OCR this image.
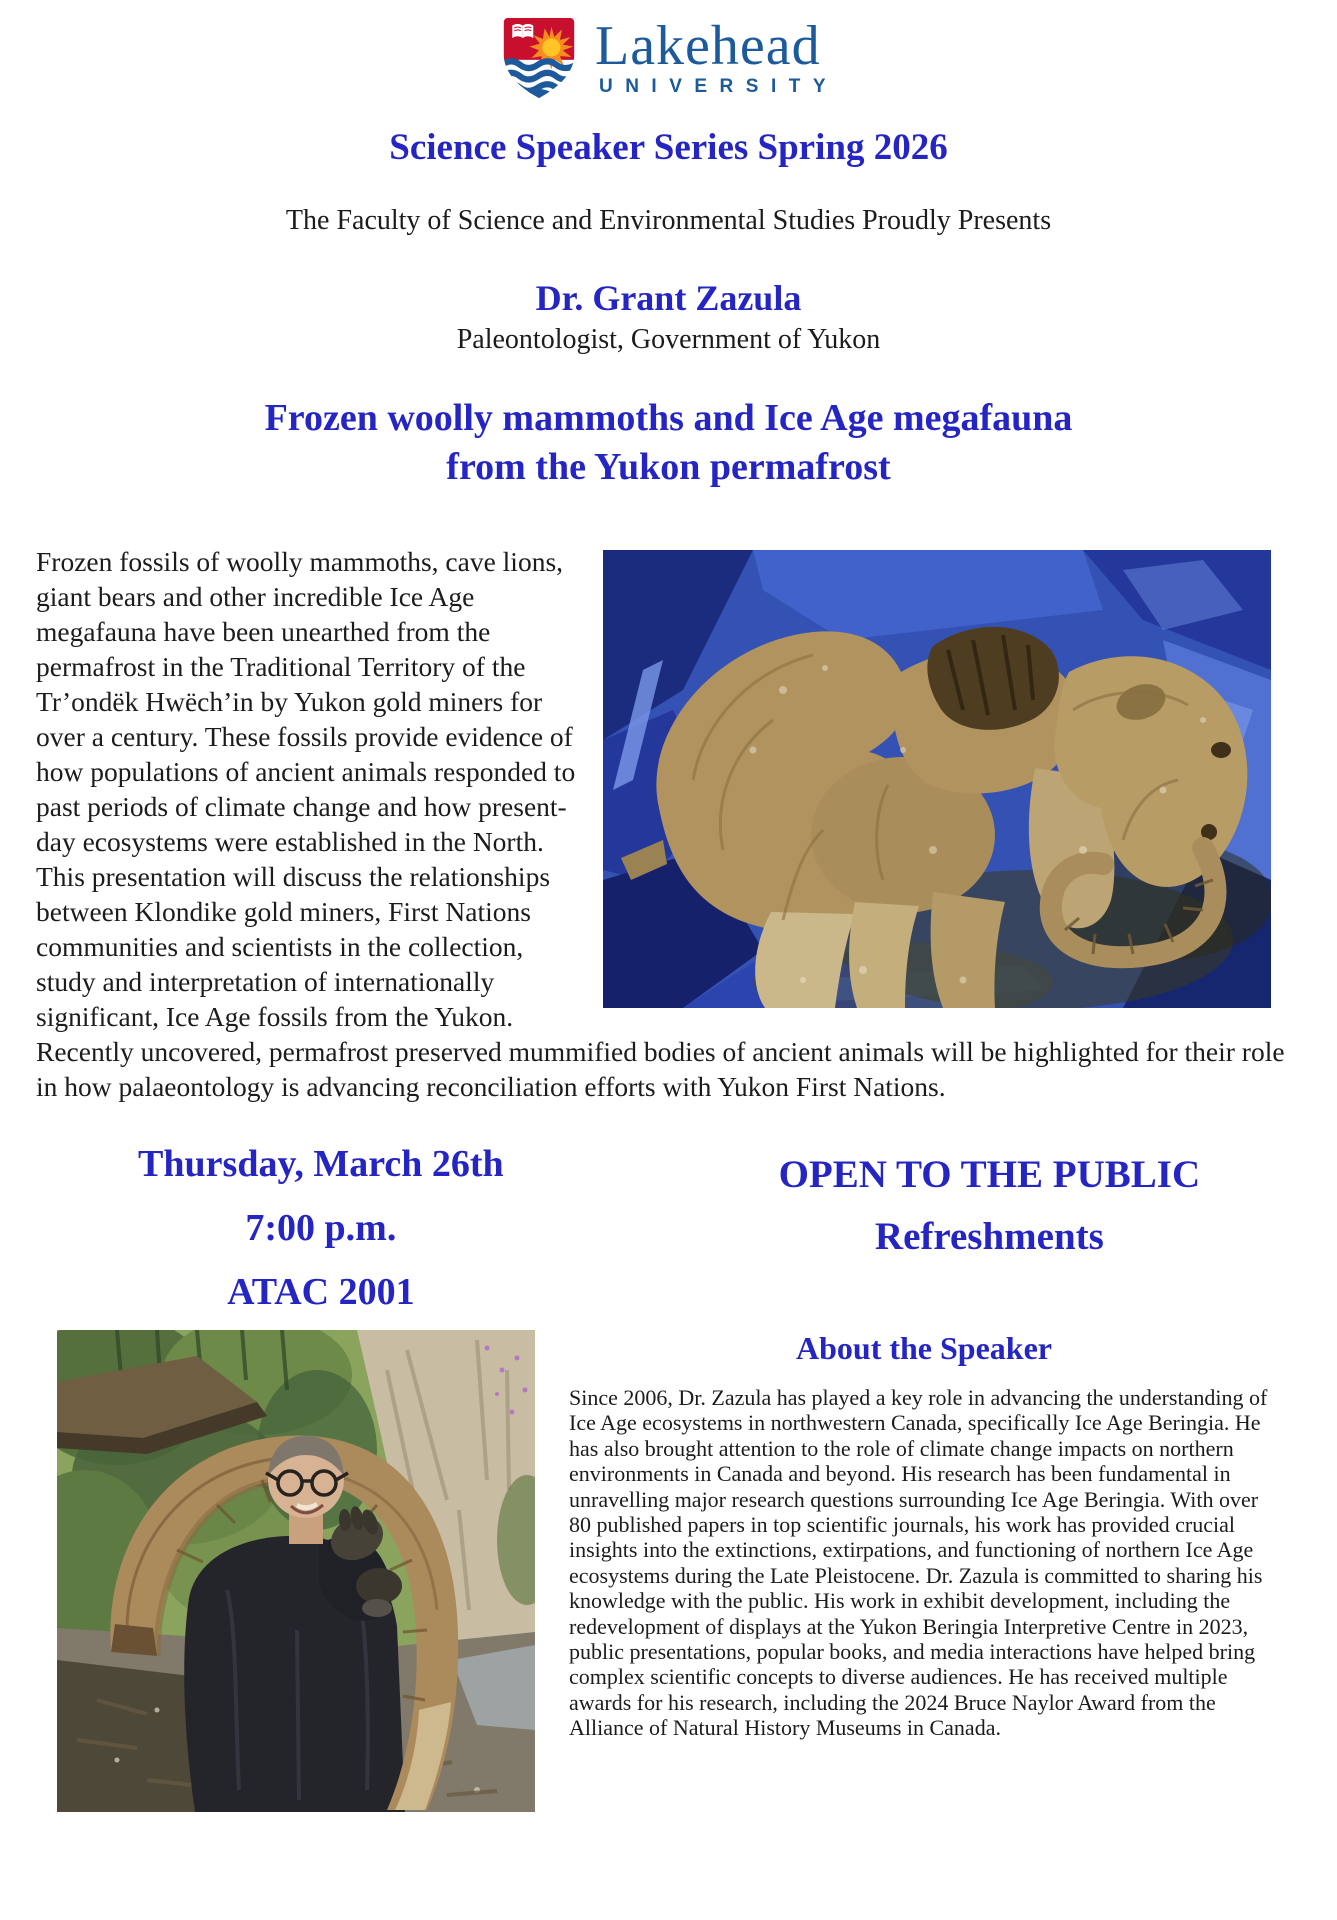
Lakehead
UNIVERSITY
Science Speaker Series Spring 2026

The Faculty of Science and Environmental Studies Proudly Presents

Dr. Grant Zazula

Paleontologist, Government of Yukon

Frozen woolly mammoths and Ice Age megafauna
from the Yukon permafrost

Frozen fossils of woolly mammoths, cave lions, giant bears and other incredible Ice Age megafauna have been unearthed from the permafrost in the Traditional Territory of the Tr’ondëk Hwëch’in by Yukon gold miners for over a century. These fossils provide evidence of how populations of ancient animals responded to past periods of climate change and how present-day ecosystems were established in the North. This presentation will discuss the relationships between Klondike gold miners, First Nations communities and scientists in the collection, study and interpretation of internationally significant, Ice Age fossils from the Yukon. Recently uncovered, permafrost preserved mummified bodies of ancient animals will be highlighted for their role in how palaeontology is advancing reconciliation efforts with Yukon First Nations.

Thursday, March 26th
7:00 p.m.
ATAC 2001
OPEN TO THE PUBLIC
Refreshments
About the Speaker

Since 2006, Dr. Zazula has played a key role in advancing the understanding of Ice Age ecosystems in northwestern Canada, specifically Ice Age Beringia. He has also brought attention to the role of climate change impacts on northern environments in Canada and beyond. His research has been fundamental in unravelling major research questions surrounding Ice Age Beringia. With over 80 published papers in top scientific journals, his work has provided crucial insights into the extinctions, extirpations, and functioning of northern Ice Age ecosystems during the Late Pleistocene. Dr. Zazula is committed to sharing his knowledge with the public. His work in exhibit development, including the redevelopment of displays at the Yukon Beringia Interpretive Centre in 2023, public presentations, popular books, and media interactions have helped bring complex scientific concepts to diverse audiences. He has received multiple awards for his research, including the 2024 Bruce Naylor Award from the Alliance of Natural History Museums in Canada.
